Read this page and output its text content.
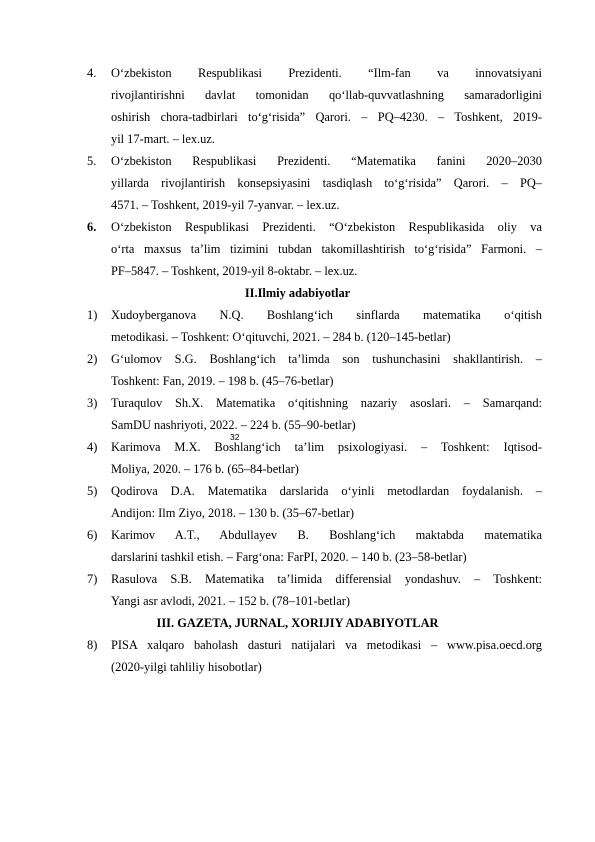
4. O‘zbekiston Respublikasi Prezidenti. “Ilm-fan va innovatsiyani
rivojlantirishni davlat tomonidan qo‘llab-quvvatlashning samaradorligini
oshirish chora-tadbirlari to‘g‘risida” Qarori. – PQ–4230. – Toshkent, 2019-
yil 17-mart. – lex.uz.
5. O‘zbekiston Respublikasi Prezidenti. “Matematika fanini 2020–2030
yillarda rivojlantirish konsepsiyasini tasdiqlash to‘g‘risida” Qarori. – PQ–
4571. – Toshkent, 2019-yil 7-yanvar. – lex.uz.
6. O‘zbekiston Respublikasi Prezidenti. “O‘zbekiston Respublikasida oliy va
o‘rta maxsus ta’lim tizimini tubdan takomillashtirish to‘g‘risida” Farmoni. –
PF–5847. – Toshkent, 2019-yil 8-oktabr. – lex.uz.
II.Ilmiy adabiyotlar
1) Xudoyberganova N.Q. Boshlang‘ich sinflarda matematika o‘qitish
metodikasi. – Toshkent: O‘qituvchi, 2021. – 284 b. (120–145-betlar)
2) G‘ulomov S.G. Boshlang‘ich ta’limda son tushunchasini shakllantirish. –
Toshkent: Fan, 2019. – 198 b. (45–76-betlar)
3) Turaqulov Sh.X. Matematika o‘qitishning nazariy asoslari. – Samarqand:
SamDU nashriyoti, 2022. – 224 b. (55–90-betlar)
4) Karimova M.X. Boshlang‘ich ta’lim psixologiyasi. – Toshkent: Iqtisod-
Moliya, 2020. – 176 b. (65–84-betlar)
5) Qodirova D.A. Matematika darslarida o‘yinli metodlardan foydalanish. –
Andijon: Ilm Ziyo, 2018. – 130 b. (35–67-betlar)
6) Karimov A.T., Abdullayev B. Boshlang‘ich maktabda matematika
darslarini tashkil etish. – Farg‘ona: FarPI, 2020. – 140 b. (23–58-betlar)
7) Rasulova S.B. Matematika ta’limida differensial yondashuv. – Toshkent:
Yangi asr avlodi, 2021. – 152 b. (78–101-betlar)
III. GAZETA, JURNAL, XORIJIY ADABIYOTLAR
8) PISA xalqaro baholash dasturi natijalari va metodikasi – www.pisa.oecd.org
(2020-yilgi tahliliy hisobotlar)
32
